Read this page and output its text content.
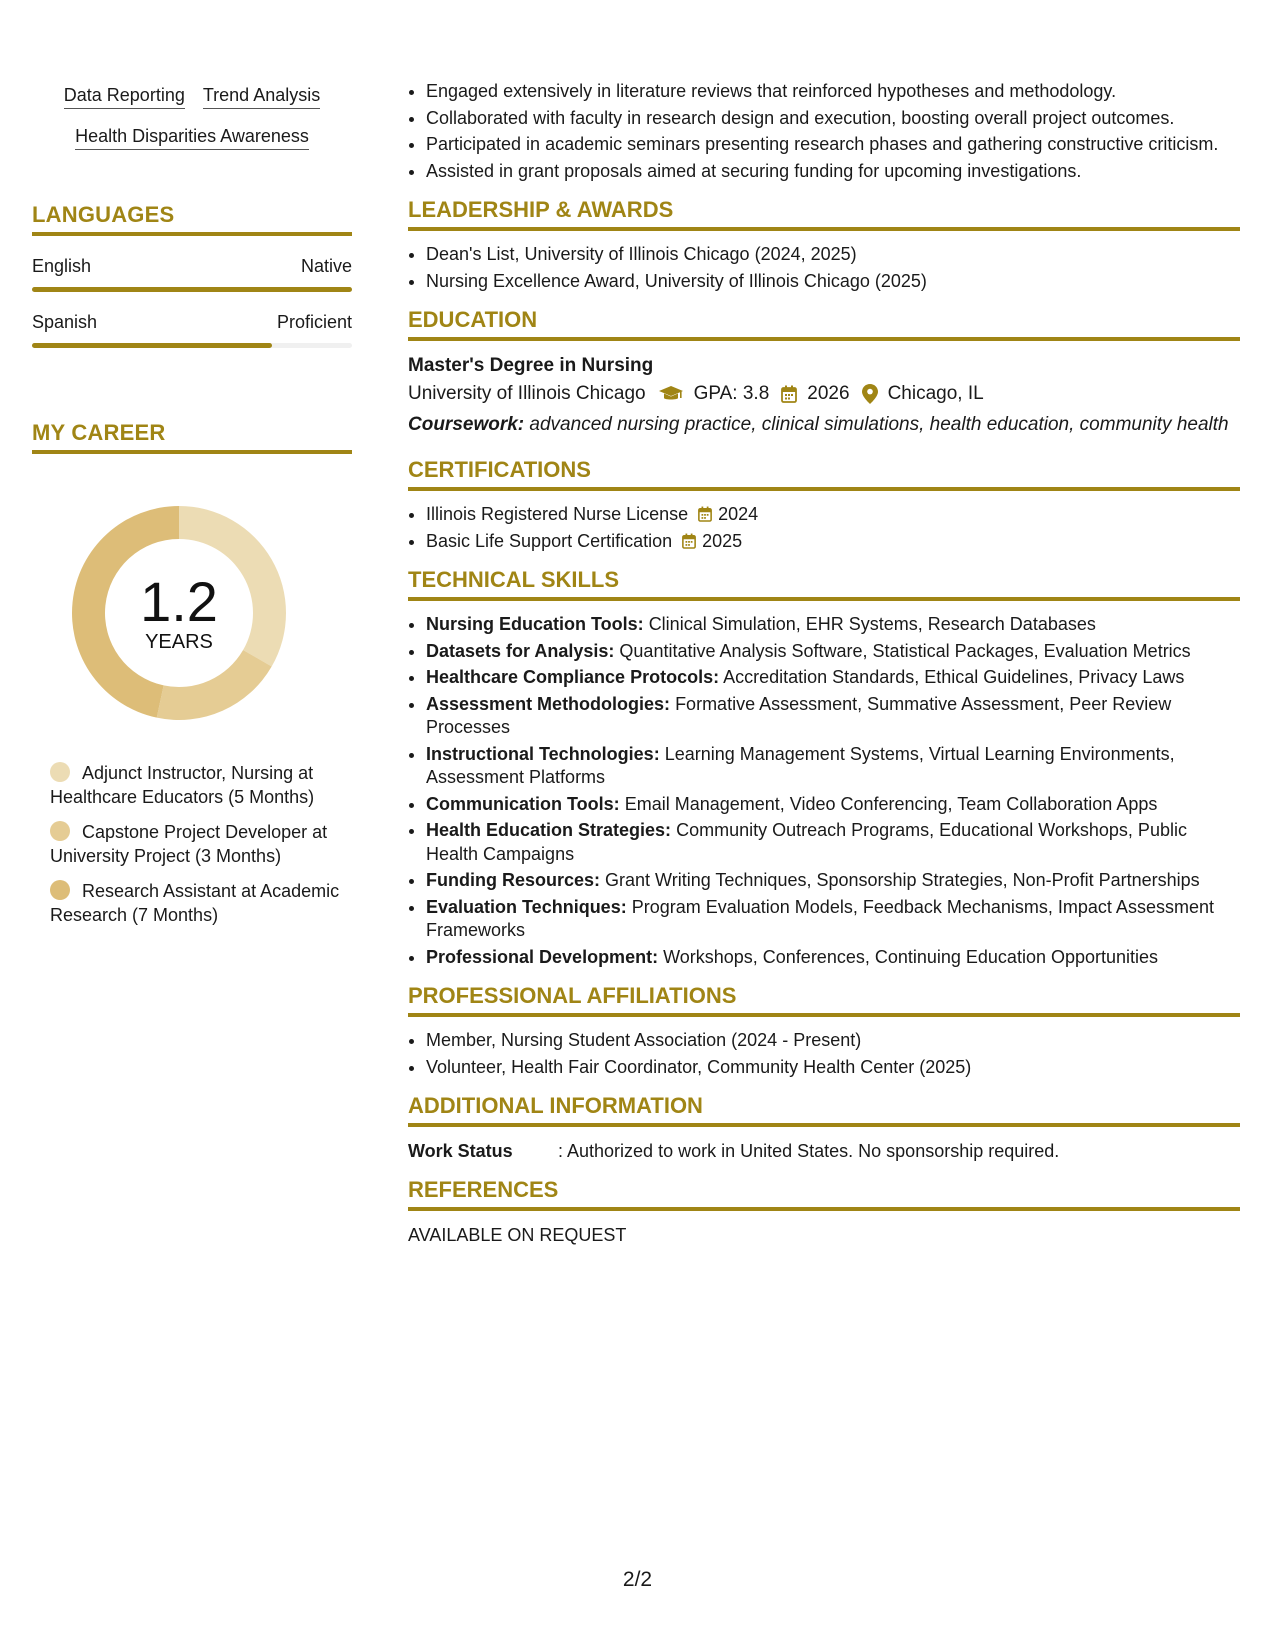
Data Reporting Trend Analysis
Health Disparities Awareness
LANGUAGES
English	Native
Spanish	Proficient
MY CAREER
1.2
YEARS
Adjunct Instructor, Nursing at Healthcare Educators (5 Months)
Capstone Project Developer at University Project (3 Months)
Research Assistant at Academic Research (7 Months)
• Engaged extensively in literature reviews that reinforced hypotheses and methodology.
• Collaborated with faculty in research design and execution, boosting overall project outcomes.
• Participated in academic seminars presenting research phases and gathering constructive criticism.
• Assisted in grant proposals aimed at securing funding for upcoming investigations.
LEADERSHIP & AWARDS
• Dean's List, University of Illinois Chicago (2024, 2025)
• Nursing Excellence Award, University of Illinois Chicago (2025)
EDUCATION
Master's Degree in Nursing
University of Illinois Chicago	GPA: 3.8 2026 Chicago, IL
Coursework: advanced nursing practice, clinical simulations, health education, community health
CERTIFICATIONS
• Illinois Registered Nurse License 2024
• Basic Life Support Certification 2025
TECHNICAL SKILLS
• Nursing Education Tools: Clinical Simulation, EHR Systems, Research Databases
• Datasets for Analysis: Quantitative Analysis Software, Statistical Packages, Evaluation Metrics
• Healthcare Compliance Protocols: Accreditation Standards, Ethical Guidelines, Privacy Laws
• Assessment Methodologies: Formative Assessment, Summative Assessment, Peer Review Processes
• Instructional Technologies: Learning Management Systems, Virtual Learning Environments, Assessment Platforms
• Communication Tools: Email Management, Video Conferencing, Team Collaboration Apps
• Health Education Strategies: Community Outreach Programs, Educational Workshops, Public Health Campaigns
• Funding Resources: Grant Writing Techniques, Sponsorship Strategies, Non-Profit Partnerships
• Evaluation Techniques: Program Evaluation Models, Feedback Mechanisms, Impact Assessment Frameworks
• Professional Development: Workshops, Conferences, Continuing Education Opportunities
PROFESSIONAL AFFILIATIONS
• Member, Nursing Student Association (2024 - Present)
• Volunteer, Health Fair Coordinator, Community Health Center (2025)
ADDITIONAL INFORMATION
Work Status	: Authorized to work in United States. No sponsorship required.
REFERENCES
AVAILABLE ON REQUEST
2/2
